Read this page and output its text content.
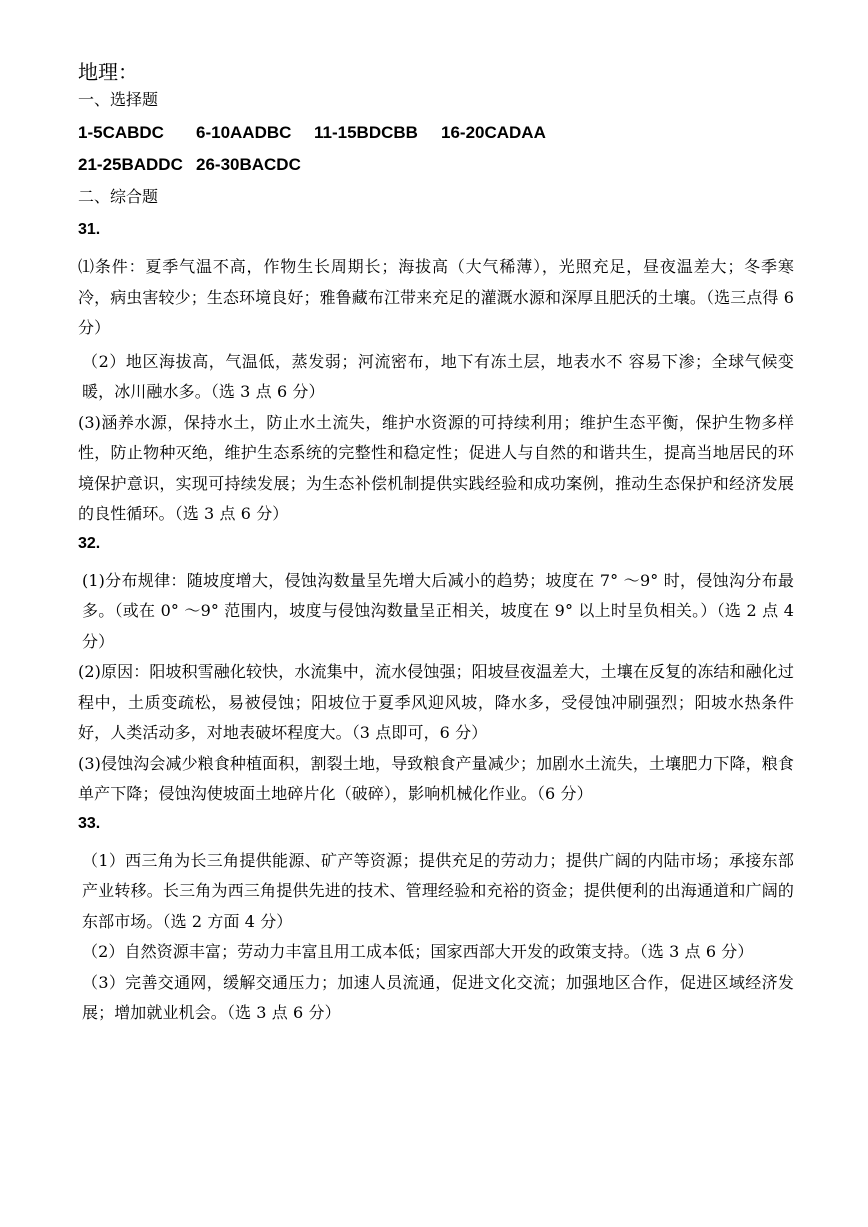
地理：
一、选择题
1-5CABDC 6-10AADBC 11-15BDCBB 16-20CADAA
21-25BADDC 26-30BACDC
二、综合题
31.
⑴条件：夏季气温不高，作物生长周期长；海拔高（大气稀薄），光照充足，昼夜温差大；冬季寒冷，病虫害较少；生态环境良好；雅鲁藏布江带来充足的灌溉水源和深厚且肥沃的土壤。（选三点得 6 分）
（2）地区海拔高，气温低，蒸发弱；河流密布，地下有冻土层，地表水不 容易下渗；全球气候变暖，冰川融水多。（选 3 点 6 分）
(3)涵养水源，保持水土，防止水土流失，维护水资源的可持续利用；维护生态平衡，保护生物多样性，防止物种灭绝，维护生态系统的完整性和稳定性；促进人与自然的和谐共生，提高当地居民的环境保护意识，实现可持续发展；为生态补偿机制提供实践经验和成功案例，推动生态保护和经济发展的良性循环。（选 3 点 6 分）
32.
(1)分布规律：随坡度增大，侵蚀沟数量呈先增大后减小的趋势；坡度在 7° ～9° 时，侵蚀沟分布最多。（或在 0° ～9° 范围内，坡度与侵蚀沟数量呈正相关，坡度在 9° 以上时呈负相关。）（选 2 点 4 分）
(2)原因：阳坡积雪融化较快，水流集中，流水侵蚀强；阳坡昼夜温差大，土壤在反复的冻结和融化过程中，土质变疏松，易被侵蚀；阳坡位于夏季风迎风坡，降水多，受侵蚀冲刷强烈；阳坡水热条件好，人类活动多，对地表破坏程度大。（3 点即可，6 分）
(3)侵蚀沟会减少粮食种植面积，割裂土地，导致粮食产量减少；加剧水土流失，土壤肥力下降，粮食单产下降；侵蚀沟使坡面土地碎片化（破碎），影响机械化作业。（6 分）
33.
（1）西三角为长三角提供能源、矿产等资源；提供充足的劳动力；提供广阔的内陆市场；承接东部产业转移。长三角为西三角提供先进的技术、管理经验和充裕的资金；提供便利的出海通道和广阔的东部市场。（选 2 方面 4 分）
（2）自然资源丰富；劳动力丰富且用工成本低；国家西部大开发的政策支持。（选 3 点 6 分）
（3）完善交通网，缓解交通压力；加速人员流通，促进文化交流；加强地区合作，促进区域经济发展；增加就业机会。（选 3 点 6 分）
